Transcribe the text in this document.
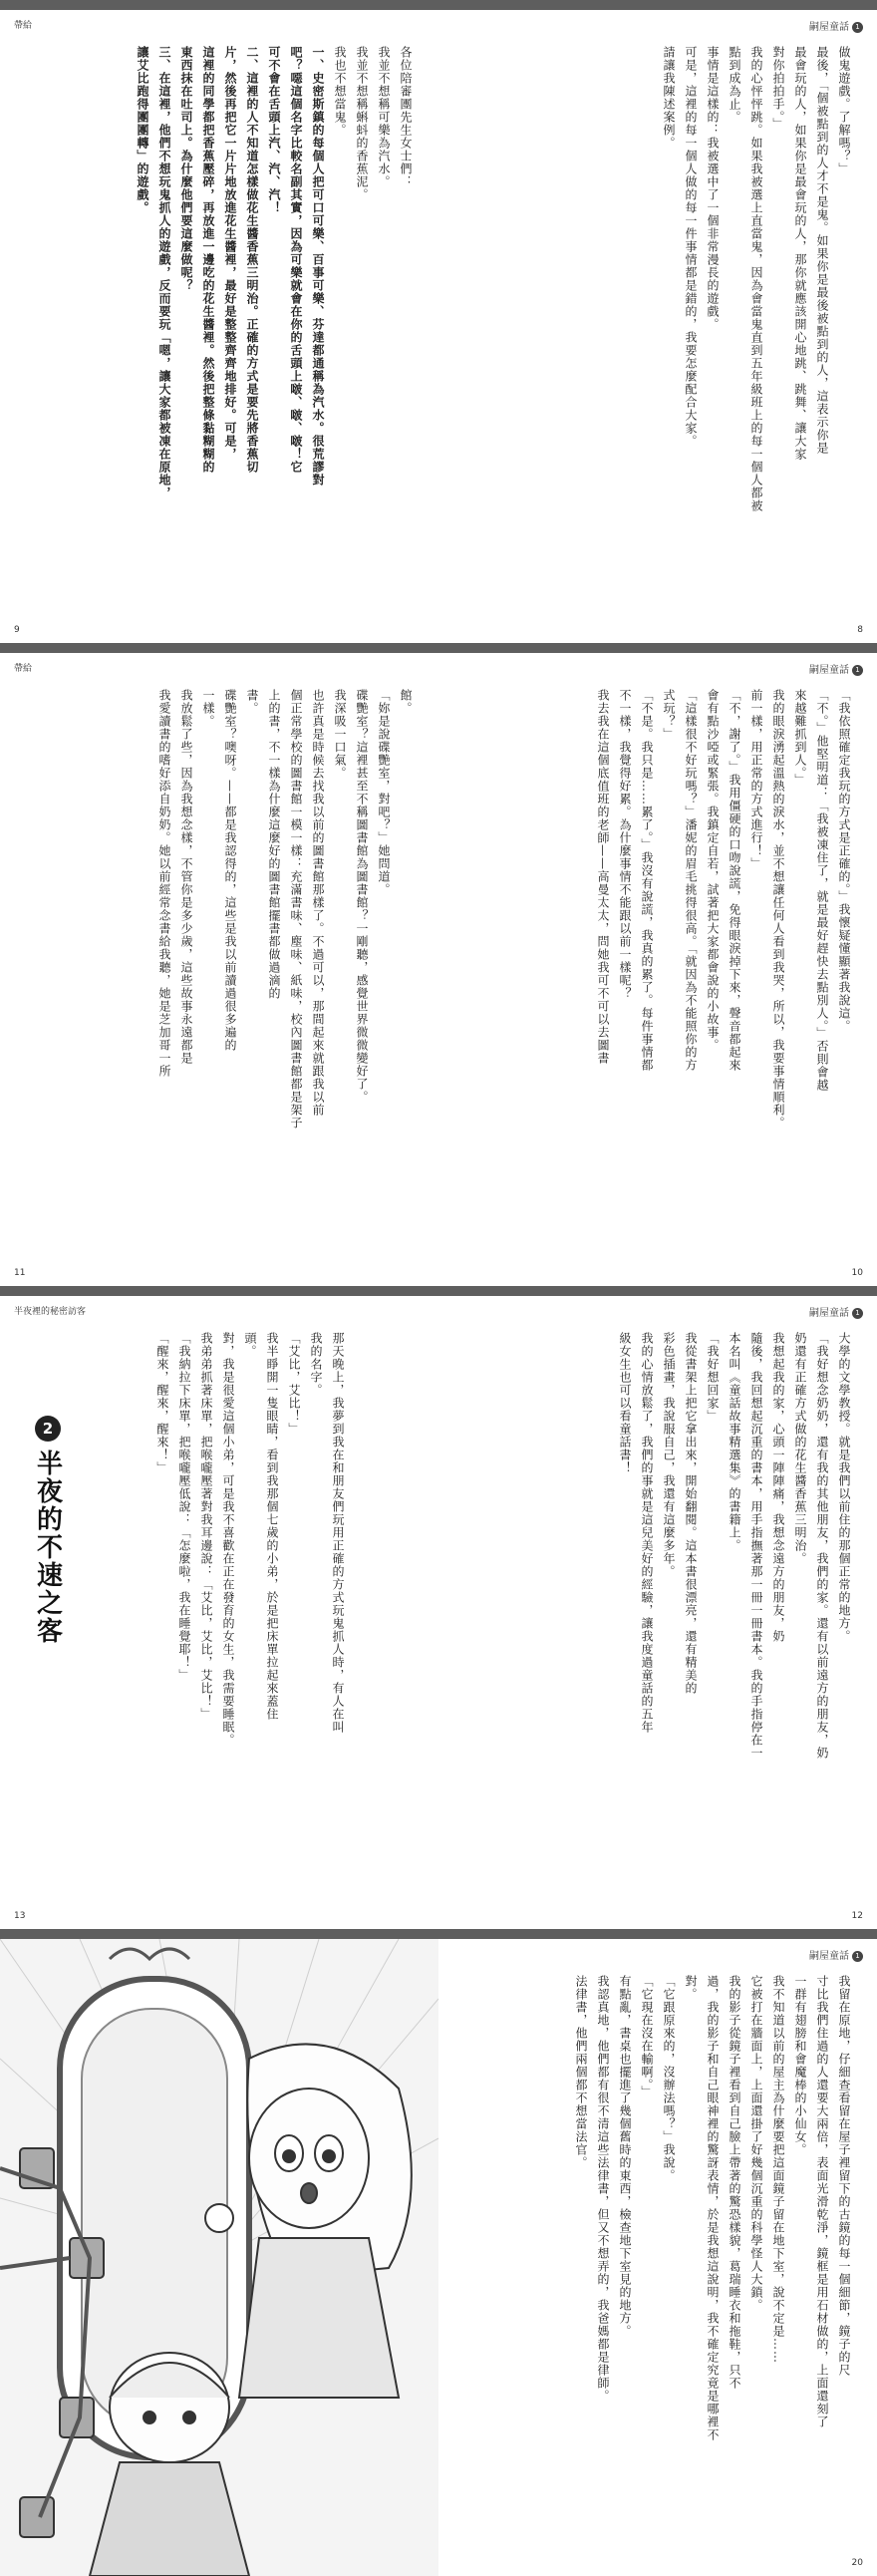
帶給

各位陪審團先生女士們：

我並不想稱可樂為汽水。

我並不想稱蝌蚪的香蕉泥。

我也不想當鬼。

一、史密斯鎮的每個人把可口可樂、百事可樂、芬達都通稱為汽水。很荒謬對

吧？噁這個名字比較名副其實，因為可樂就會在你的舌頭上啵、啵、啵！它

可不會在舌頭上汽、汽、汽！

二、這裡的人不知道怎樣做花生醬香蕉三明治。正確的方式是要先將香蕉切

片，然後再把它一片片地放進花生醬裡，最好是整整齊齊地排好。可是，

這裡的同學都把香蕉壓碎，再放進一邊吃的花生醬裡。然後把整條黏糊糊的

東西抹在吐司上。為什麼他們要這麼做呢？

三、在這裡，他們不想玩鬼抓人的遊戲，反而要玩「嗯，讓大家都被凍在原地，

讓艾比跑得團團轉」的遊戲。

9
嗣屋童話 1

做鬼遊戲。了解嗎？」

最後，「個被點到的人才不是鬼。如果你是最後被點到的人，這表示你是

最會玩的人，如果你是最會玩的人，那你就應該開心地跳、跳舞、讓大家

對你拍拍手。」

我的心怦怦跳。如果我被選上直當鬼，因為會當鬼直到五年級班上的每一個人都被

點到成為止。

事情是這樣的：我被選中了一個非常漫長的遊戲。

可是，這裡的每一個人做的每一件事情都是錯的，我要怎麼配合大家。

請讓我陳述案例。

8
帶給

館。

「妳是說碟艷室，對吧？」她問道。

碟艷室？這裡甚至不稱圖書館為圖書館？一剛聽，感覺世界微微變好了。

我深吸一口氣。

也許真是時候去找我以前的圖書館那樣了。不過可以，那間起來就跟我以前

個正常學校的圖書館一模一樣：充滿書味、塵味、紙味，校內圖書館都是架子

上的書，不一樣為什麼這麼好的圖書館擺書都做過滴的

書。

碟艷室？噢呀。——都是我認得的，這些是我以前讀過很多遍的

一樣。

我放鬆了些，因為我想念樣，不管你是多少歲，這些故事永遠都是

我愛讀書的嗜好添自奶奶。她以前經常念書給我聽，她是芝加哥一所

11
嗣屋童話 1

「我依照確定我玩的方式是正確的。」我懷疑懂顯著我說這。

「不。」他堅明道：「我被凍住了，就是最好趕快去點別人。」否則會越

來越難抓到人。」

我的眼淚湧起溫熱的淚水，並不想讓任何人看到我哭，所以，我要事情順利。

前一樣，用正常的方式進行！」

「不，謝了。」我用僵硬的口吻說謊，免得眼淚掉下來，聲音都起來

會有點沙啞或緊張。我鎮定自若，試著把大家都會說的小故事。

「這樣很不好玩嗎？」潘妮的眉毛挑得很高。「就因為不能照你的方

式玩？」

「不是。我只是……累了。」我沒有說謊，我真的累了。每件事情都

不一樣，我覺得好累。為什麼事情不能跟以前一樣呢？

我去我在這個底值班的老師——高曼太太，問她我可不可以去圖書

10
半夜裡的秘密訪客
2
半夜的不速之客	那天晚上，我夢到我在和朋友們玩用正確的方式玩鬼抓人時，有人在叫

我的名字。

「艾比，艾比！」

我半睜開一隻眼睛，看到我那個七歲的小弟，於是把床單拉起來蓋住

頭。

對，我是很愛這個小弟，可是我不喜歡在正在發育的女生，我需要睡眠。

我弟弟抓著床單，把喉嚨壓著對我耳邊說：「艾比，艾比，艾比！」

「我納拉下床單，把喉嚨壓低說：「怎麼啦，我在睡覺耶！」

「醒來，醒來，醒來！」

13
嗣屋童話 1

大學的文學教授。就是我們以前住的那個正常的地方。

「我好想念奶奶，還有我的其他朋友，我們的家。還有以前遠方的朋友，奶

奶還有正確方式做的花生醬香蕉三明治。

我想起我的家，心頭一陣陣痛，我想念遠方的朋友，奶

隨後，我回想起沉重的書本，用手指撫著那一冊一冊書本。我的手指停在一

本名叫《童話故事精選集》的書籍上。

「我好想回家」

我從書架上把它拿出來，開始翻閱。這本書很漂亮，還有精美的

彩色插畫，我說服自己，我還有這麼多年。

我的心情放鬆了，我們的事就是這兒美好的經驗，讓我度過童話的五年

級女生也可以看童話書！

12
嗣屋童話 1

我留在原地，仔細查看留在屋子裡留下的古鏡的每一個細節，鏡子的尺

寸比我們住過的人還要大兩倍，表面光滑乾淨，鏡框是用石材做的，上面還刻了

一群有翅膀和會魔棒的小仙女。

我不知道以前的屋主為什麼要把這面鏡子留在地下室，說不定是……

它被打在牆面上，上面還掛了好幾個沉重的科學怪人大鎖。

我的影子從鏡子裡看到自己臉上帶著的驚恐樣貌，葛瑞睡衣和拖鞋，只不

過，我的影子和自己眼神裡的驚訝表情，於是我想這說明，我不確定究竟是哪裡不

對。

「它跟原來的，沒辦法嗎？」我說。

「它現在沒在輸啊。」

有點亂，書桌也擺進了幾個舊時的東西，檢查地下室見的地方。

我認真地，他們都有很不清這些法律書，但又不想弄的，我爸媽都是律師。

法律書，他們兩個都不想當法官。

20
